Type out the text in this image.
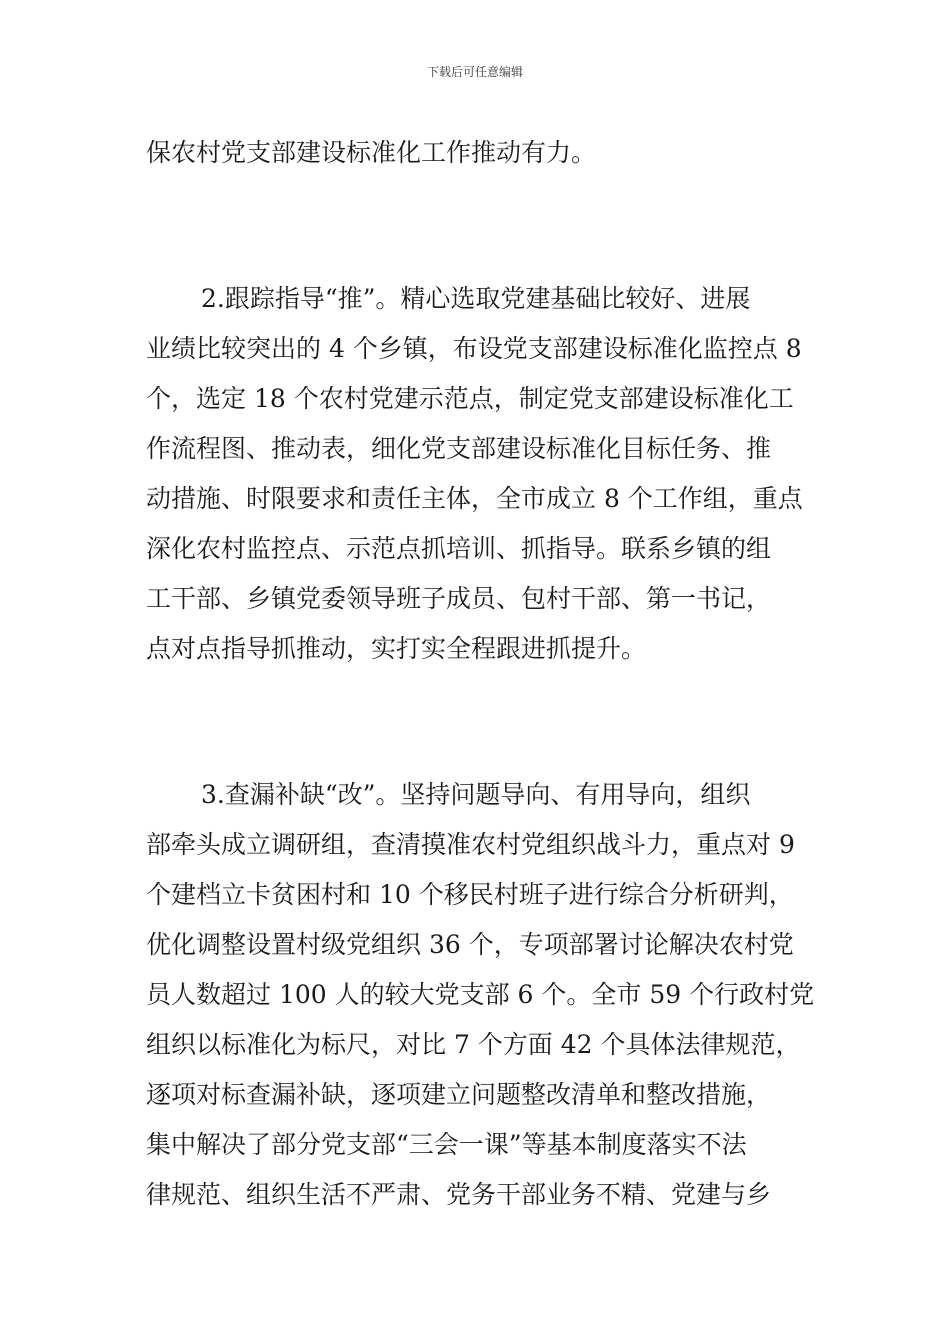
下载后可任意编辑
保农村党支部建设标准化工作推动有力。
2.跟踪指导“推”。精心选取党建基础比较好、进展
业绩比较突出的 4 个乡镇，布设党支部建设标准化监控点 8
个，选定 18 个农村党建示范点，制定党支部建设标准化工
作流程图、推动表，细化党支部建设标准化目标任务、推
动措施、时限要求和责任主体，全市成立 8 个工作组，重点
深化农村监控点、示范点抓培训、抓指导。联系乡镇的组
工干部、乡镇党委领导班子成员、包村干部、第一书记，
点对点指导抓推动，实打实全程跟进抓提升。
3.查漏补缺“改”。坚持问题导向、有用导向，组织
部牵头成立调研组，查清摸准农村党组织战斗力，重点对 9
个建档立卡贫困村和 10 个移民村班子进行综合分析研判，
优化调整设置村级党组织 36 个，专项部署讨论解决农村党
员人数超过 100 人的较大党支部 6 个。全市 59 个行政村党
组织以标准化为标尺，对比 7 个方面 42 个具体法律规范，
逐项对标查漏补缺，逐项建立问题整改清单和整改措施，
集中解决了部分党支部“三会一课”等基本制度落实不法
律规范、组织生活不严肃、党务干部业务不精、党建与乡
